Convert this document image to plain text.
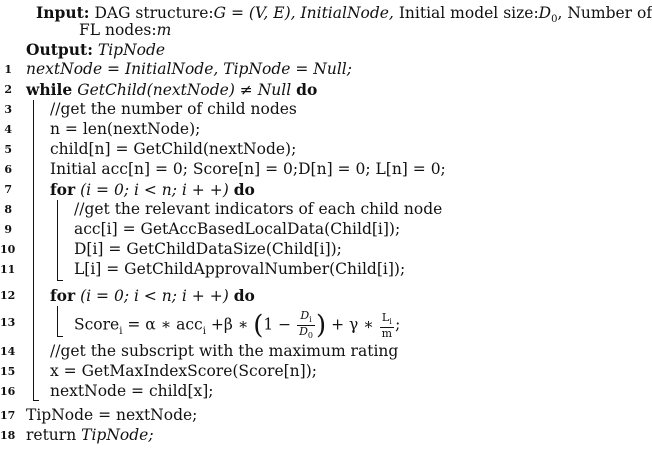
Input: DAG structure:G = (V, E), InitialNode, Initial model $size:D_0$, Number of
FL nodes:m
Output: TipNode
1 nextNode = InitialNode, TipNode = Null;
2 while GetChild(nextNode) ≠ Null do
3 //get the number of child nodes
4 n = len(nextNode);
5 child[n] = GetChild(nextNode);
6 Initial acc[n] = 0; Score[n] = 0;D[n] = 0; L[n] = 0;
7 for (i = 0; i < n; i + +) do
8	//get the relevant indicators of each child node
9	acc[i] = GetAccBasedLocalData(Child[i]);
10	D[i] = GetChildDataSize(Child[i]);
11	L[i] = GetChildApprovalNumber(Child[i]);
12 for (i = 0; i < n; i + +) do
13	Score$_i$ = α ∗ acc$_i$ +β ∗ ($1 - \frac{D_i}{D_0}$ ) + γ ∗ $\frac{L_i}{m}$ ;
14 //get the subscript with the maximum rating
15 x = GetMaxIndexScore(Score[n]);
16 nextNode = child[x];
17 TipNode = nextNode;
18 return TipNode;
